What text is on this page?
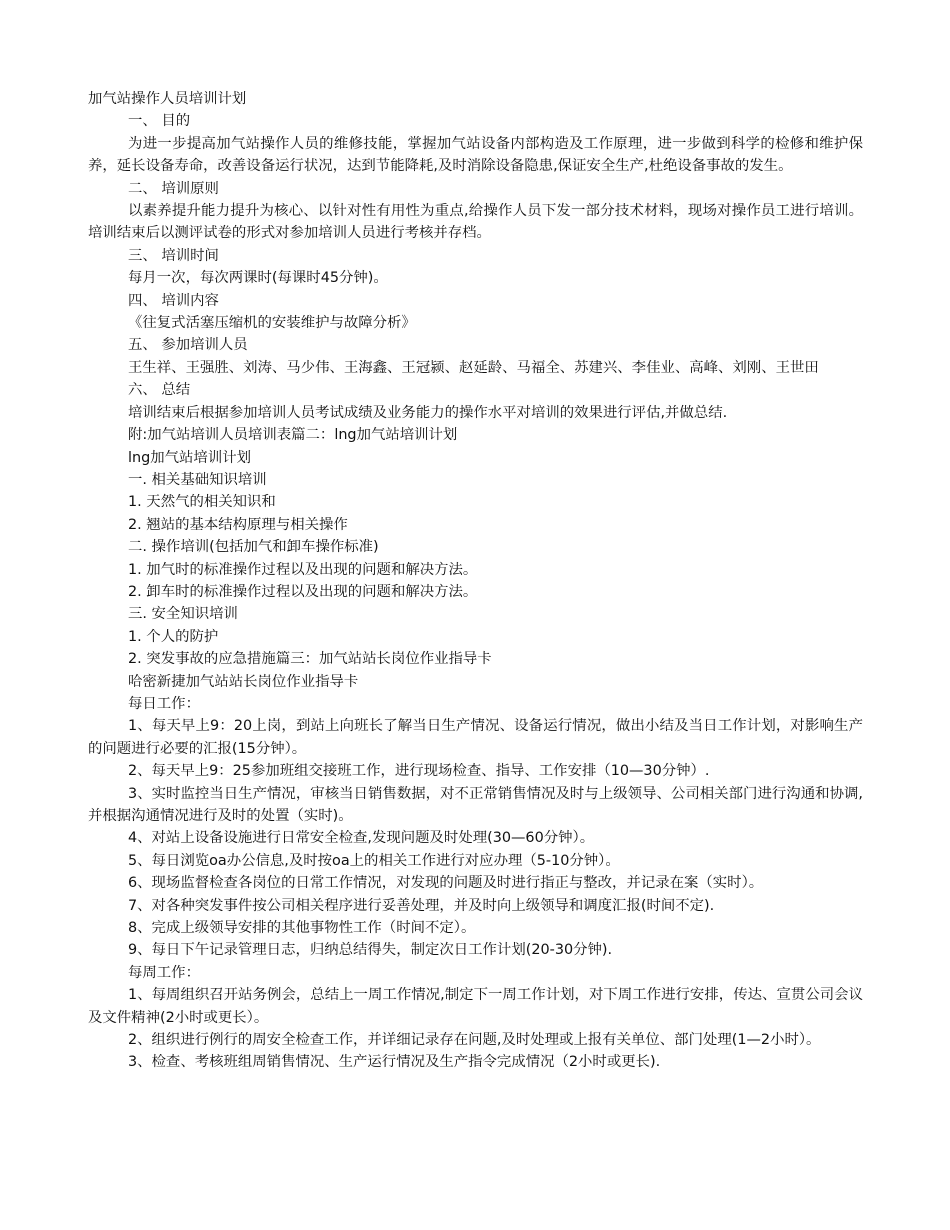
加气站操作人员培训计划

一、 目的

为进一步提高加气站操作人员的维修技能，掌握加气站设备内部构造及工作原理，进一步做到科学的检修和维护保养，延长设备寿命，改善设备运行状况，达到节能降耗,及时消除设备隐患,保证安全生产,杜绝设备事故的发生。

二、 培训原则

以素养提升能力提升为核心、以针对性有用性为重点,给操作人员下发一部分技术材料，现场对操作员工进行培训。培训结束后以测评试卷的形式对参加培训人员进行考核并存档。

三、 培训时间

每月一次，每次两课时(每课时45分钟)。

四、 培训内容

《往复式活塞压缩机的安装维护与故障分析》

五、 参加培训人员

王生祥、王强胜、刘涛、马少伟、王海鑫、王冠颍、赵延龄、马福全、苏建兴、李佳业、高峰、刘刚、王世田

六、 总结

培训结束后根据参加培训人员考试成绩及业务能力的操作水平对培训的效果进行评估,并做总结.

附:加气站培训人员培训表篇二：lng加气站培训计划

lng加气站培训计划

一. 相关基础知识培训

1. 天然气的相关知识和

2. 翘站的基本结构原理与相关操作

二. 操作培训(包括加气和卸车操作标准)

1. 加气时的标准操作过程以及出现的问题和解决方法。

2. 卸车时的标准操作过程以及出现的问题和解决方法。

三. 安全知识培训

1. 个人的防护

2. 突发事故的应急措施篇三：加气站站长岗位作业指导卡

哈密新捷加气站站长岗位作业指导卡

每日工作：

1、每天早上9：20上岗，到站上向班长了解当日生产情况、设备运行情况，做出小结及当日工作计划，对影响生产的问题进行必要的汇报(15分钟）。

2、每天早上9：25参加班组交接班工作，进行现场检查、指导、工作安排（10—30分钟）.

3、实时监控当日生产情况，审核当日销售数据，对不正常销售情况及时与上级领导、公司相关部门进行沟通和协调,并根据沟通情况进行及时的处置（实时)。

4、对站上设备设施进行日常安全检查,发现问题及时处理(30—60分钟）。

5、每日浏览oa办公信息,及时按oa上的相关工作进行对应办理（5-10分钟）。

6、现场监督检查各岗位的日常工作情况，对发现的问题及时进行指正与整改，并记录在案（实时）。

7、对各种突发事件按公司相关程序进行妥善处理，并及时向上级领导和调度汇报(时间不定).

8、完成上级领导安排的其他事物性工作（时间不定）。

9、每日下午记录管理日志，归纳总结得失，制定次日工作计划(20-30分钟).

每周工作：

1、每周组织召开站务例会，总结上一周工作情况,制定下一周工作计划，对下周工作进行安排，传达、宣贯公司会议及文件精神(2小时或更长）。

2、组织进行例行的周安全检查工作，并详细记录存在问题,及时处理或上报有关单位、部门处理(1—2小时）。

3、检查、考核班组周销售情况、生产运行情况及生产指令完成情况（2小时或更长).
